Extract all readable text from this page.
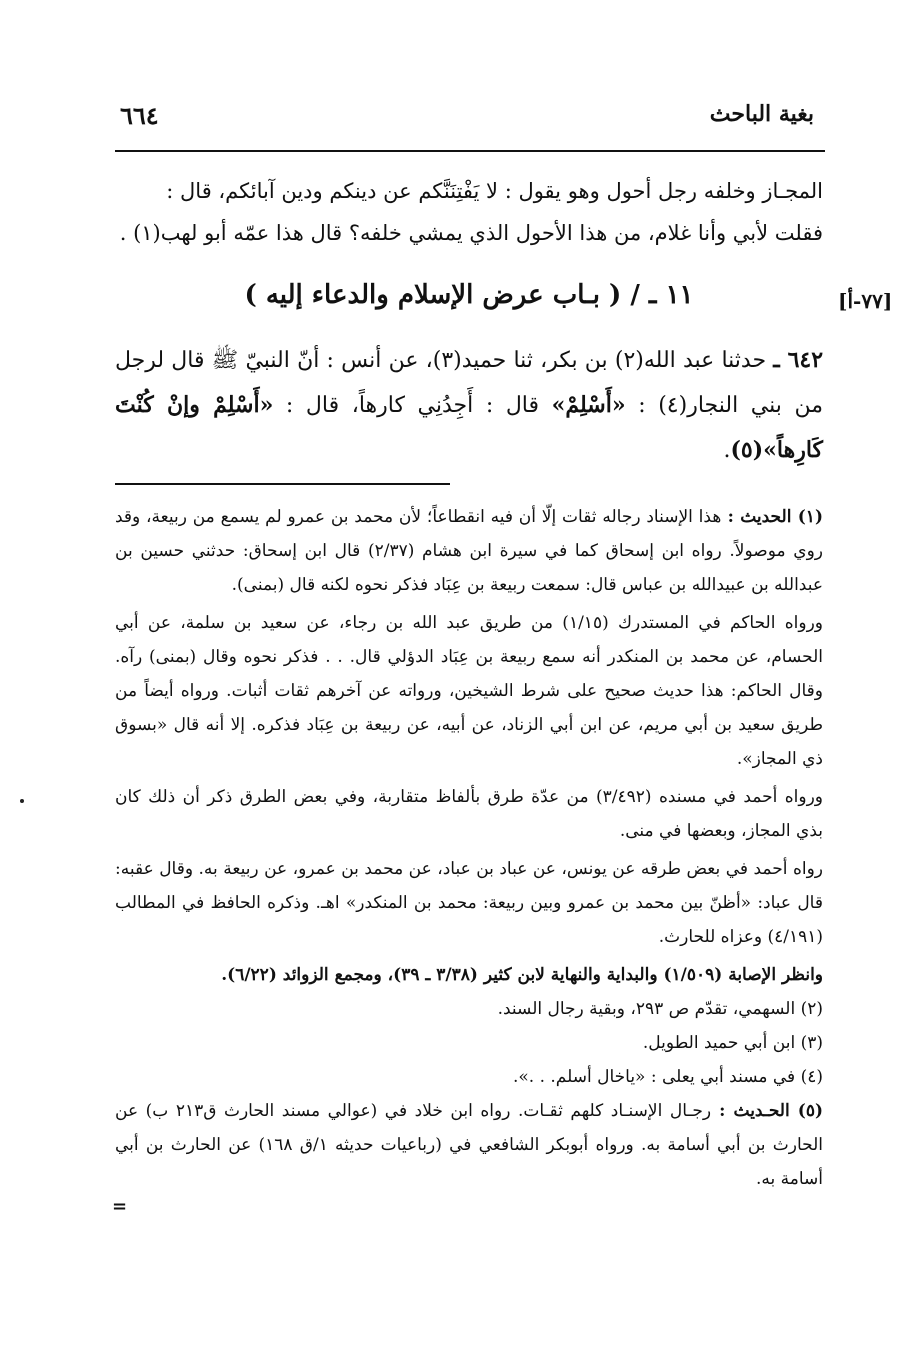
بغية الباحث
٦٦٤
المجـاز وخلفه رجل أحول وهو يقول : لا يَفْتِنَنَّكم عن دينكم ودين آبائكم، قال :
فقلت لأبي وأنا غلام، من هذا الأحول الذي يمشي خلفه؟ قال هذا عمّه أبو لهب(١) .
[٧٧-أ]
١١ ـ / ( بـاب عرض الإسلام والدعاء إليه )
٦٤٢ ـ حدثنا عبد الله(٢) بن بكر، ثنا حميد(٣)، عن أنس : أنّ النبيّ ﷺ قال لرجل من بني النجار(٤) : «أَسْلِمْ» قال : أَجِدُنِي كارهاً، قال : «أَسْلِمْ وإنْ كُنْتَ كَارِهاً»(٥).

(١) الحديث : هذا الإسناد رجاله ثقات إلّا أن فيه انقطاعاً؛ لأن محمد بن عمرو لم يسمع من ربيعة، وقد روي موصولاً. رواه ابن إسحاق كما في سيرة ابن هشام (٢/٣٧) قال ابن إسحاق: حدثني حسين بن عبدالله بن عبيدالله بن عباس قال: سمعت ربيعة بن عِبَاد فذكر نحوه لكنه قال (بمنى).

ورواه الحاكم في المستدرك (١/١٥) من طريق عبد الله بن رجاء، عن سعيد بن سلمة، عن أبي الحسام، عن محمد بن المنكدر أنه سمع ربيعة بن عِبَاد الدؤلي قال. . . فذكر نحوه وقال (بمنى) رآه. وقال الحاكم: هذا حديث صحيح على شرط الشيخين، ورواته عن آخرهم ثقات أثبات. ورواه أيضاً من طريق سعيد بن أبي مريم، عن ابن أبي الزناد، عن أبيه، عن ربيعة بن عِبَاد فذكره. إلا أنه قال «بسوق ذي المجاز».

ورواه أحمد في مسنده (٣/٤٩٢) من عدّة طرق بألفاظ متقاربة، وفي بعض الطرق ذكر أن ذلك كان بذي المجاز، وبعضها في منى.

رواه أحمد في بعض طرقه عن يونس، عن عباد بن عباد، عن محمد بن عمرو، عن ربيعة به. وقال عقبه: قال عباد: «أظنّ بين محمد بن عمرو وبين ربيعة: محمد بن المنكدر» اهـ. وذكره الحافظ في المطالب (٤/١٩١) وعزاه للحارث.

وانظر الإصابة (١/٥٠٩) والبداية والنهاية لابن كثير (٣/٣٨ ـ ٣٩)، ومجمع الزوائد (٦/٢٢).

(٢) السهمي، تقدّم ص ٢٩٣، وبقية رجال السند.

(٣) ابن أبي حميد الطويل.

(٤) في مسند أبي يعلى : «ياخال أسلم. . .».

(٥) الحـديث : رجـال الإسنـاد كلهم ثقـات. رواه ابن خلاد في (عوالي مسند الحارث ق٢١٣ ب) عن الحارث بن أبي أسامة به. ورواه أبوبكر الشافعي في (رباعيات حديثه ١/ق ١٦٨) عن الحارث بن أبي أسامة به.

=
